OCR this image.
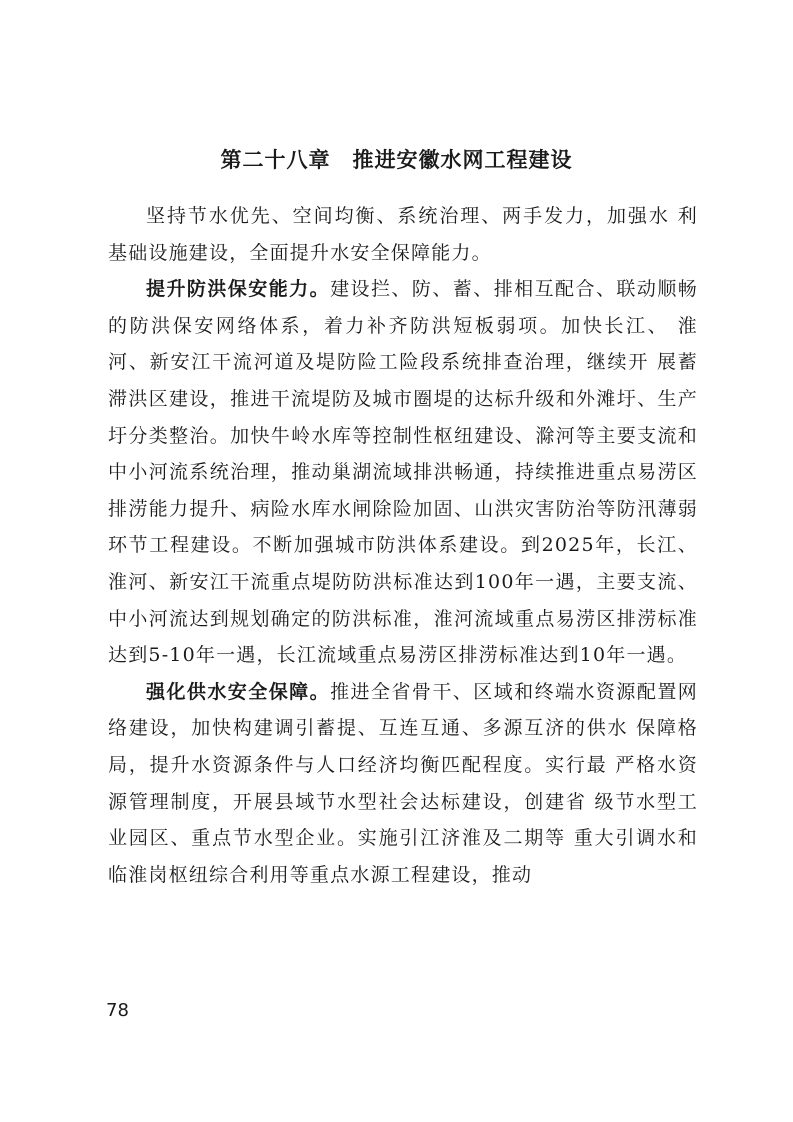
第二十八章　推进安徽水网工程建设

坚持节水优先、空间均衡、系统治理、两手发力，加强水 利基础设施建设，全面提升水安全保障能力。

提升防洪保安能力。建设拦、防、蓄、排相互配合、联动顺畅的防洪保安网络体系，着力补齐防洪短板弱项。加快长江、 淮河、新安江干流河道及堤防险工险段系统排查治理，继续开 展蓄滞洪区建设，推进干流堤防及城市圈堤的达标升级和外滩圩、生产圩分类整治。加快牛岭水库等控制性枢纽建设、滁河等主要支流和中小河流系统治理，推动巢湖流域排洪畅通，持续推进重点易涝区排涝能力提升、病险水库水闸除险加固、山洪灾害防治等防汛薄弱环节工程建设。不断加强城市防洪体系建设。到2025年，长江、淮河、新安江干流重点堤防防洪标准达到100年一遇，主要支流、中小河流达到规划确定的防洪标准，淮河流域重点易涝区排涝标准达到5-10年一遇，长江流域重点易涝区排涝标准达到10年一遇。

强化供水安全保障。推进全省骨干、区域和终端水资源配置网络建设，加快构建调引蓄提、互连互通、多源互济的供水 保障格局，提升水资源条件与人口经济均衡匹配程度。实行最 严格水资源管理制度，开展县域节水型社会达标建设，创建省 级节水型工业园区、重点节水型企业。实施引江济淮及二期等 重大引调水和临淮岗枢纽综合利用等重点水源工程建设，推动

78
